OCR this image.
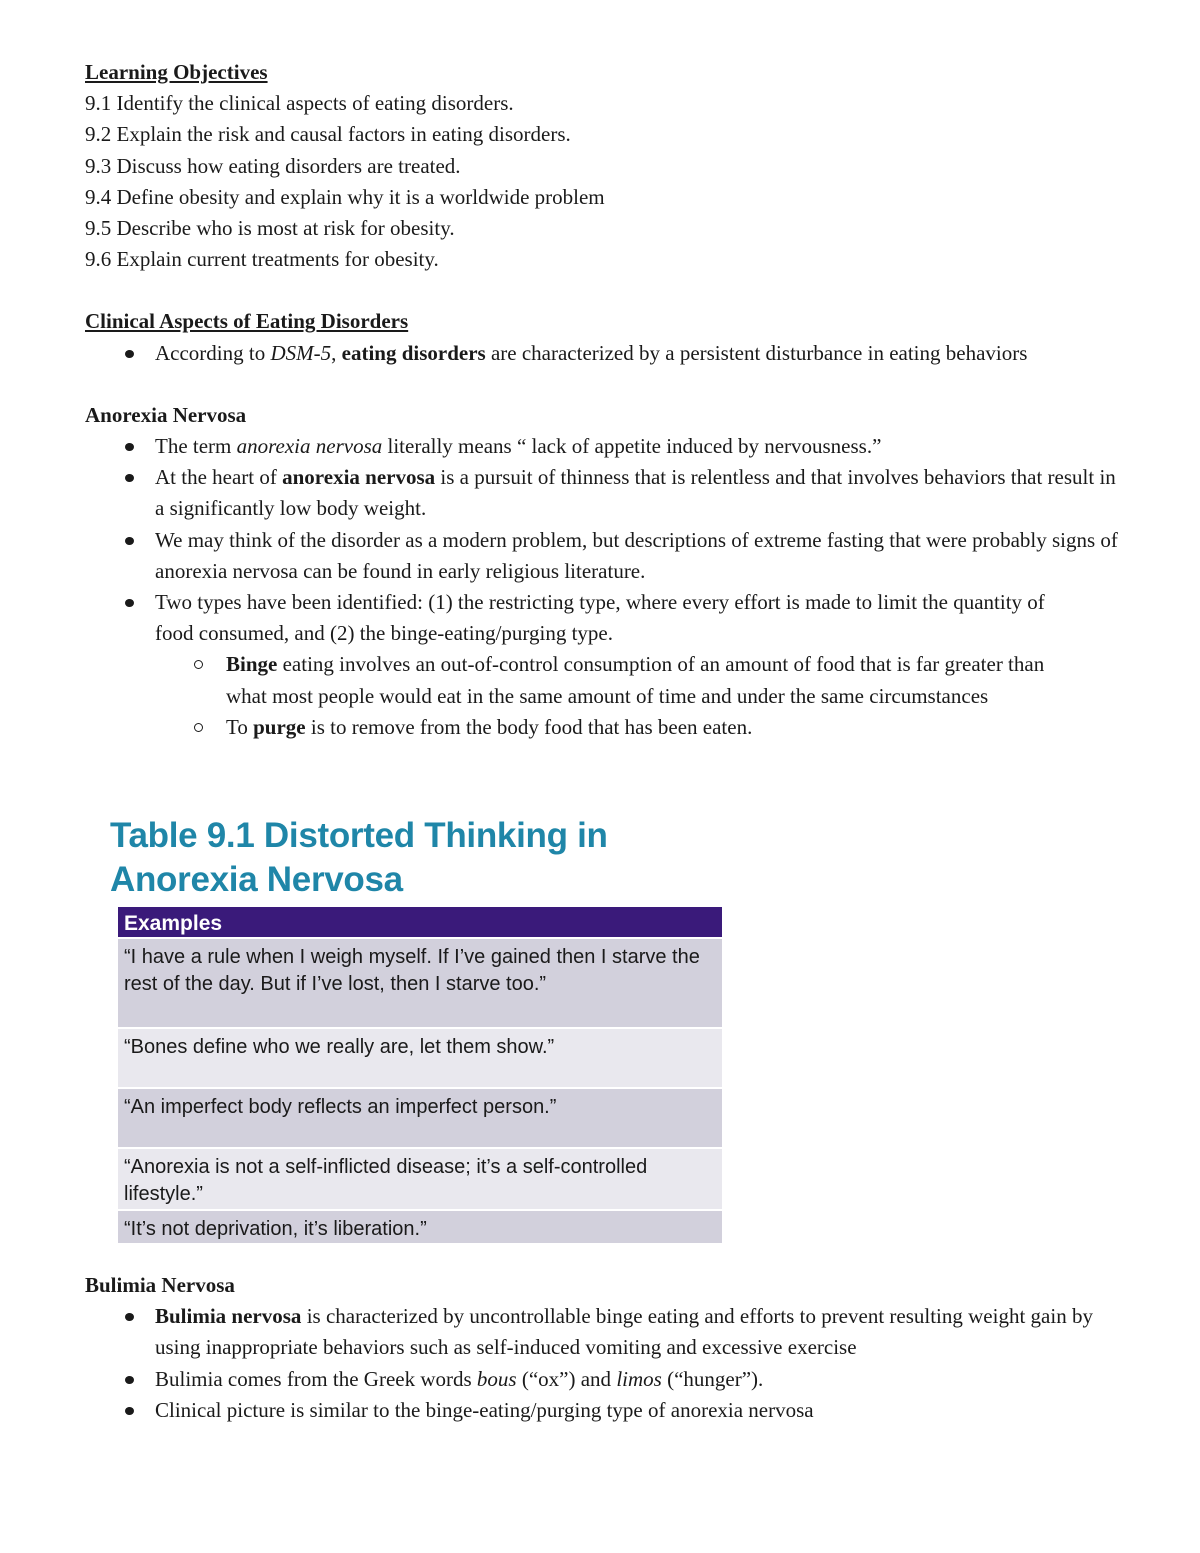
Learning Objectives
9.1 Identify the clinical aspects of eating disorders.
9.2 Explain the risk and causal factors in eating disorders.
9.3 Discuss how eating disorders are treated.
9.4 Define obesity and explain why it is a worldwide problem
9.5 Describe who is most at risk for obesity.
9.6 Explain current treatments for obesity.
Clinical Aspects of Eating Disorders
According to DSM-5, eating disorders are characterized by a persistent disturbance in eating behaviors
Anorexia Nervosa
The term anorexia nervosa literally means “ lack of appetite induced by nervousness.”
At the heart of anorexia nervosa is a pursuit of thinness that is relentless and that involves behaviors that result in a significantly low body weight.
We may think of the disorder as a modern problem, but descriptions of extreme fasting that were probably signs of anorexia nervosa can be found in early religious literature.
Two types have been identified: (1) the restricting type, where every effort is made to limit the quantity of food consumed, and (2) the binge-eating/purging type.
Binge eating involves an out-of-control consumption of an amount of food that is far greater than what most people would eat in the same amount of time and under the same circumstances
To purge is to remove from the body food that has been eaten.
Table 9.1 Distorted Thinking in
Anorexia Nervosa
Examples
“I have a rule when I weigh myself. If I’ve gained then I starve the rest of the day. But if I’ve lost, then I starve too.”
“Bones define who we really are, let them show.”
“An imperfect body reflects an imperfect person.”
“Anorexia is not a self-inflicted disease; it’s a self-controlled lifestyle.”
“It’s not deprivation, it’s liberation.”
Bulimia Nervosa
Bulimia nervosa is characterized by uncontrollable binge eating and efforts to prevent resulting weight gain by using inappropriate behaviors such as self-induced vomiting and excessive exercise
Bulimia comes from the Greek words bous (“ox”) and limos (“hunger”).
Clinical picture is similar to the binge-eating/purging type of anorexia nervosa
